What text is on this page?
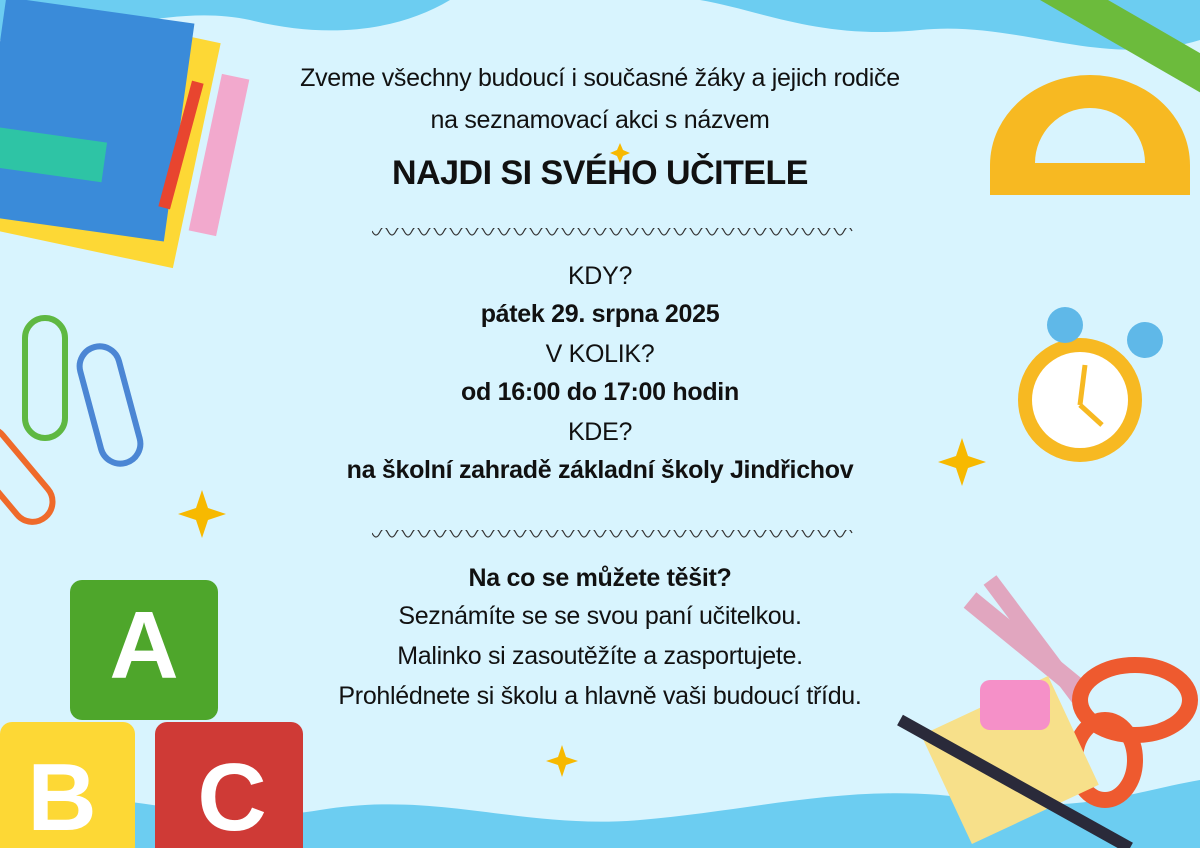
A
B C
Zveme všechny budoucí i současné žáky a jejich rodiče
na seznamovací akci s názvem
NAJDI SI SVÉHO UČITELE
KDY?
pátek 29. srpna 2025
V KOLIK?
od 16:00 do 17:00 hodin
KDE?
na školní zahradě základní školy Jindřichov
Na co se můžete těšit?
Seznámíte se se svou paní učitelkou.
Malinko si zasoutěžíte a zasportujete.
Prohlédnete si školu a hlavně vaši budoucí třídu.
